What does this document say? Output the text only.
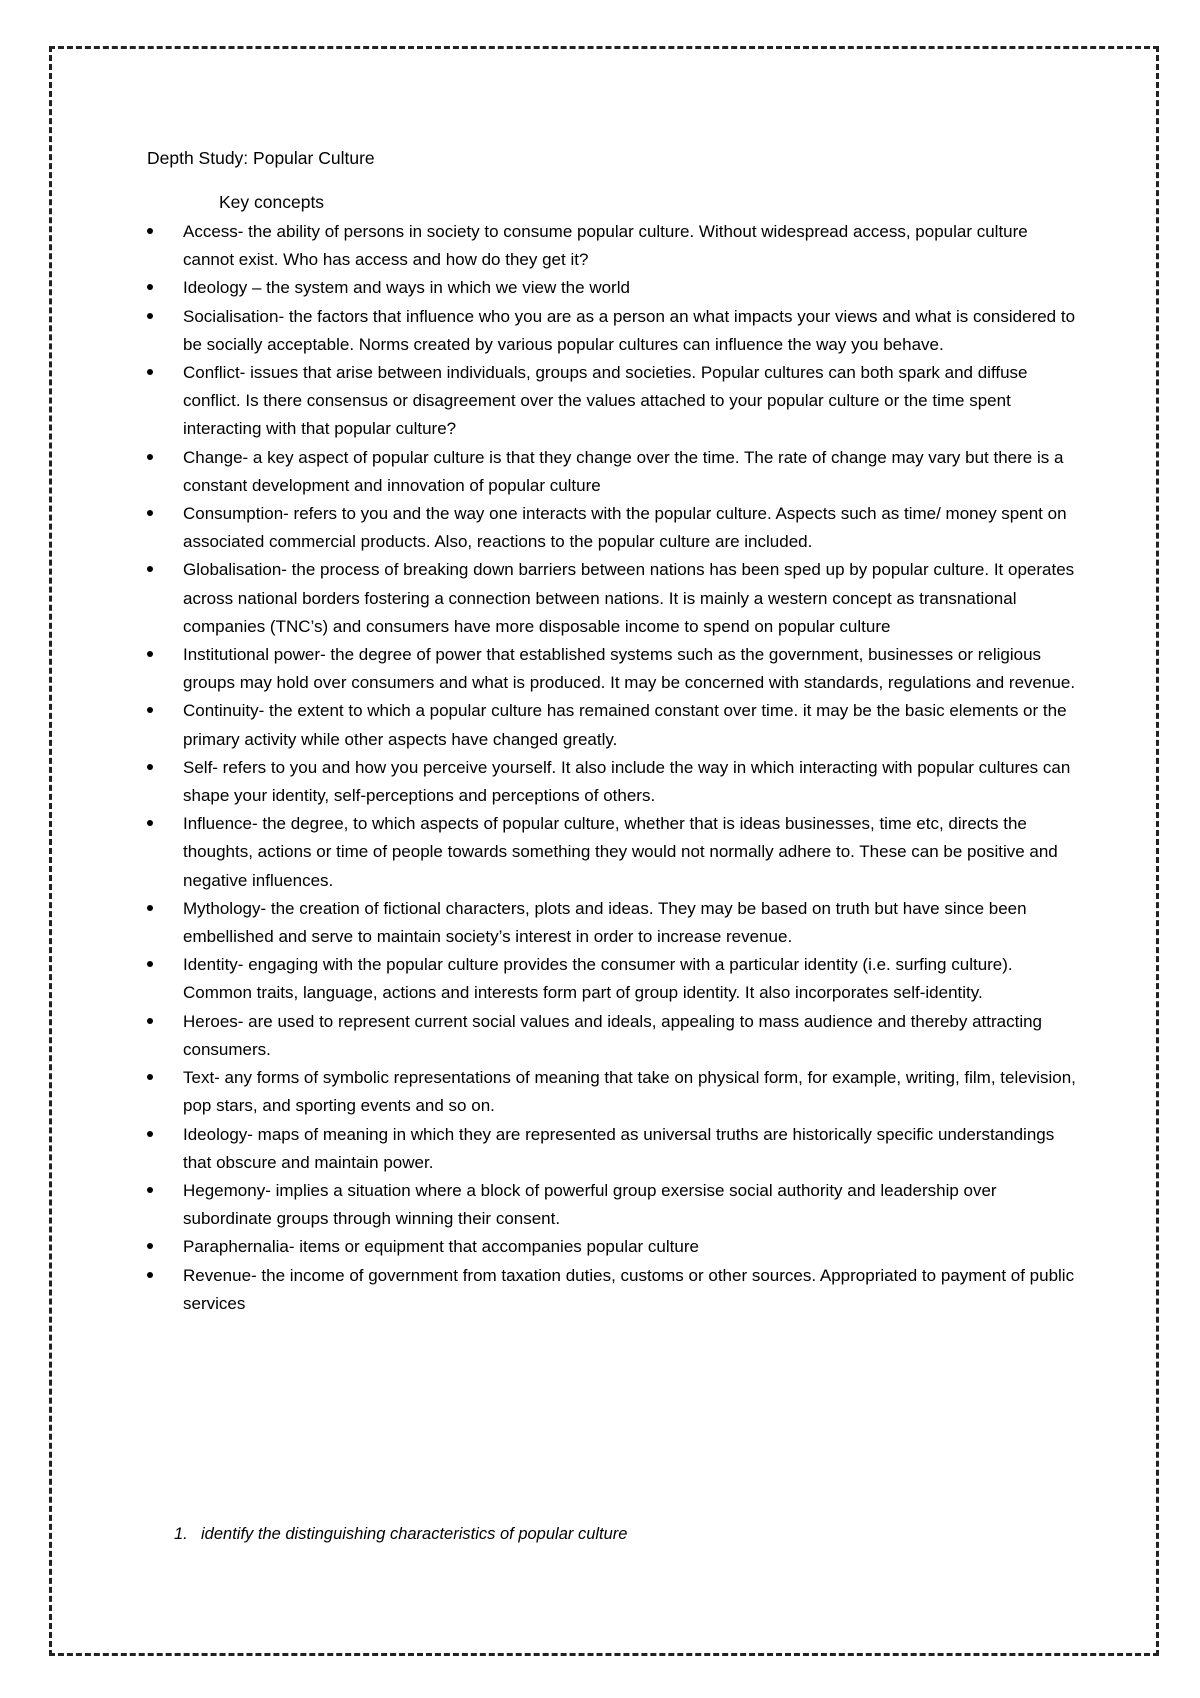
Depth Study: Popular Culture
Key concepts
Access- the ability of persons in society to consume popular culture. Without widespread access, popular culture cannot exist. Who has access and how do they get it?
Ideology – the system and ways in which we view the world
Socialisation- the factors that influence who you are as a person an what impacts your views and what is considered to be socially acceptable. Norms created by various popular cultures can influence the way you behave.
Conflict- issues that arise between individuals, groups and societies. Popular cultures can both spark and diffuse conflict. Is there consensus or disagreement over the values attached to your popular culture or the time spent interacting with that popular culture?
Change- a key aspect of popular culture is that they change over the time. The rate of change may vary but there is a constant development and innovation of popular culture
Consumption- refers to you and the way one interacts with the popular culture. Aspects such as time/ money spent on associated commercial products. Also, reactions to the popular culture are included.
Globalisation- the process of breaking down barriers between nations has been sped up by popular culture. It operates across national borders fostering a connection between nations. It is mainly a western concept as transnational companies (TNC’s) and consumers have more disposable income to spend on popular culture
Institutional power- the degree of power that established systems such as the government, businesses or religious groups may hold over consumers and what is produced. It may be concerned with standards, regulations and revenue.
Continuity- the extent to which a popular culture has remained constant over time. it may be the basic elements or the primary activity while other aspects have changed greatly.
Self- refers to you and how you perceive yourself. It also include the way in which interacting with popular cultures can shape your identity, self-perceptions and perceptions of others.
Influence- the degree, to which aspects of popular culture, whether that is ideas businesses, time etc, directs the thoughts, actions or time of people towards something they would not normally adhere to. These can be positive and negative influences.
Mythology- the creation of fictional characters, plots and ideas. They may be based on truth but have since been embellished and serve to maintain society’s interest in order to increase revenue.
Identity- engaging with the popular culture provides the consumer with a particular identity (i.e. surfing culture). Common traits, language, actions and interests form part of group identity. It also incorporates self-identity.
Heroes- are used to represent current social values and ideals, appealing to mass audience and thereby attracting consumers.
Text- any forms of symbolic representations of meaning that take on physical form, for example, writing, film, television, pop stars, and sporting events and so on.
Ideology- maps of meaning in which they are represented as universal truths are historically specific understandings that obscure and maintain power.
Hegemony- implies a situation where a block of powerful group exersise social authority and leadership over subordinate groups through winning their consent.
Paraphernalia- items or equipment that accompanies popular culture
Revenue- the income of government from taxation duties, customs or other sources. Appropriated to payment of public services
1. identify the distinguishing characteristics of popular culture
